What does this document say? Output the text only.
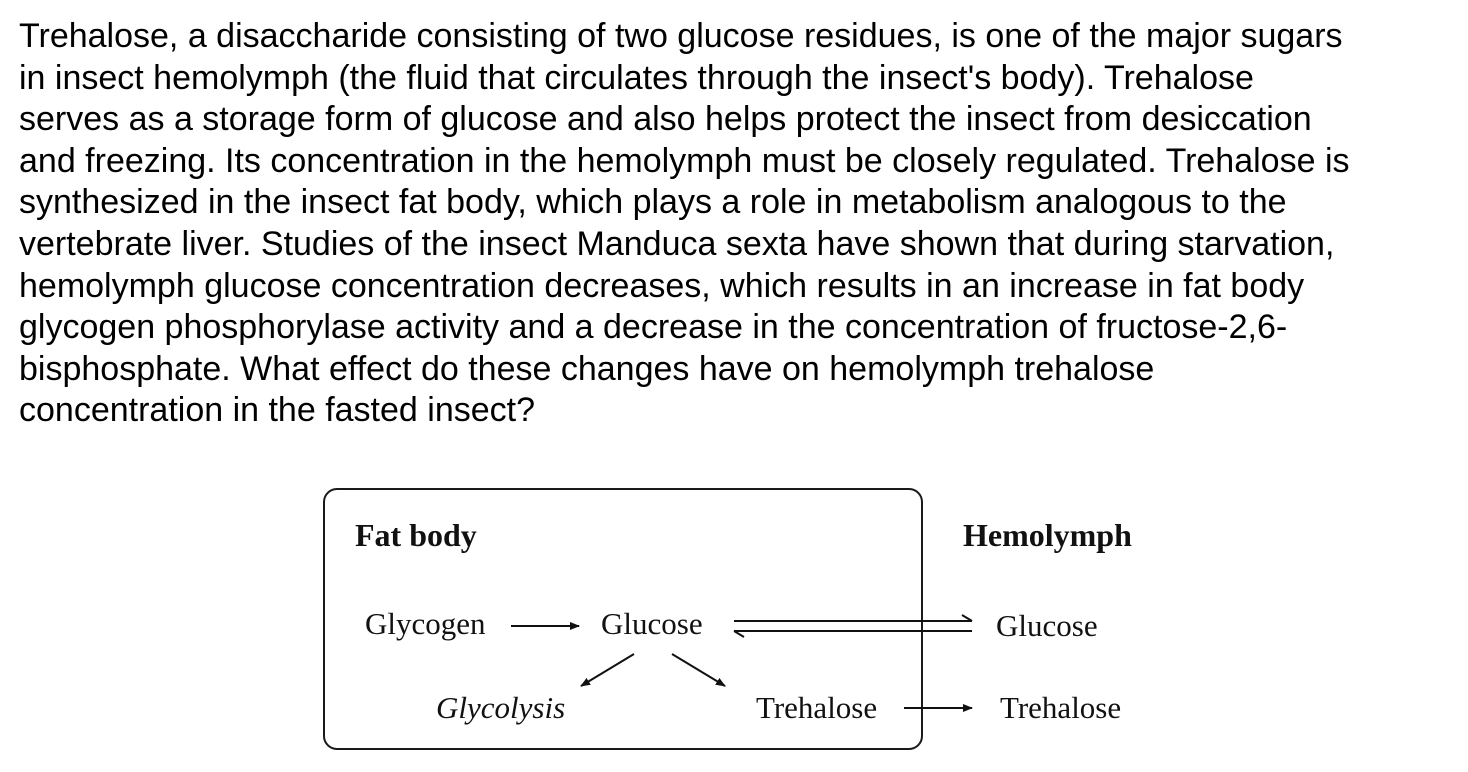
Trehalose, a disaccharide consisting of two glucose residues, is one of the major sugars
in insect hemolymph (the fluid that circulates through the insect's body). Trehalose
serves as a storage form of glucose and also helps protect the insect from desiccation
and freezing. Its concentration in the hemolymph must be closely regulated. Trehalose is
synthesized in the insect fat body, which plays a role in metabolism analogous to the
vertebrate liver. Studies of the insect Manduca sexta have shown that during starvation,
hemolymph glucose concentration decreases, which results in an increase in fat body
glycogen phosphorylase activity and a decrease in the concentration of fructose-2,6-
bisphosphate. What effect do these changes have on hemolymph trehalose
concentration in the fasted insect?
Fat body	Hemolymph
Glycogen	Glucose
Glycolysis	Trehalose
Glucose
Trehalose
